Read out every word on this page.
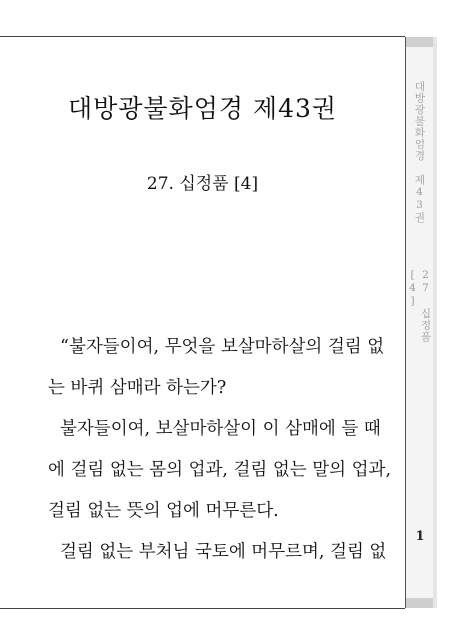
대방광불화엄경 제43권
27. 십정품 [4]

“불자들이여, 무엇을 보살마하살의 걸림 없
는 바퀴 삼매라 하는가?
불자들이여, 보살마하살이 이 삼매에 들 때
에 걸림 없는 몸의 업과, 걸림 없는 말의 업과,
걸림 없는 뜻의 업에 머무른다.
걸림 없는 부처님 국토에 머무르며, 걸림 없

대방광불화엄경 제43권
27 십정품 [4]
1
